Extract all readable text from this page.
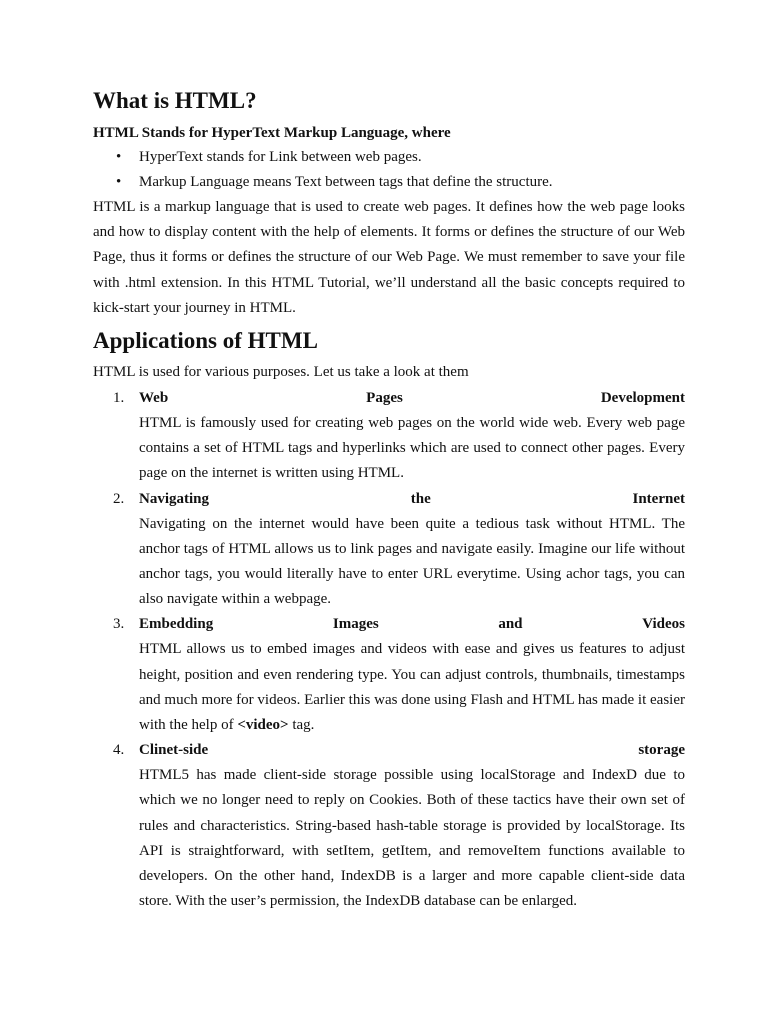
What is HTML?

HTML Stands for HyperText Markup Language, where

• HyperText stands for Link between web pages.
• Markup Language means Text between tags that define the structure.

HTML is a markup language that is used to create web pages. It defines how the web page looks and how to display content with the help of elements. It forms or defines the structure of our Web Page, thus it forms or defines the structure of our Web Page. We must remember to save your file with .html extension. In this HTML Tutorial, we’ll understand all the basic concepts required to kick-start your journey in HTML.

Applications of HTML

HTML is used for various purposes. Let us take a look at them

1. Web	Pages	Development

HTML is famously used for creating web pages on the world wide web. Every web page contains a set of HTML tags and hyperlinks which are used to connect other pages. Every page on the internet is written using HTML.

2. Navigating	the	Internet

Navigating on the internet would have been quite a tedious task without HTML. The anchor tags of HTML allows us to link pages and navigate easily. Imagine our life without anchor tags, you would literally have to enter URL everytime. Using achor tags, you can also navigate within a webpage.

3. Embedding	Images	and	Videos

HTML allows us to embed images and videos with ease and gives us features to adjust height, position and even rendering type. You can adjust controls, thumbnails, timestamps and much more for videos. Earlier this was done using Flash and HTML has made it easier with the help of <video> tag.

4. Clinet-side	storage

HTML5 has made client-side storage possible using localStorage and IndexD due to which we no longer need to reply on Cookies. Both of these tactics have their own set of rules and characteristics. String-based hash-table storage is provided by localStorage. Its API is straightforward, with setItem, getItem, and removeItem functions available to developers. On the other hand, IndexDB is a larger and more capable client-side data store. With the user’s permission, the IndexDB database can be enlarged.
